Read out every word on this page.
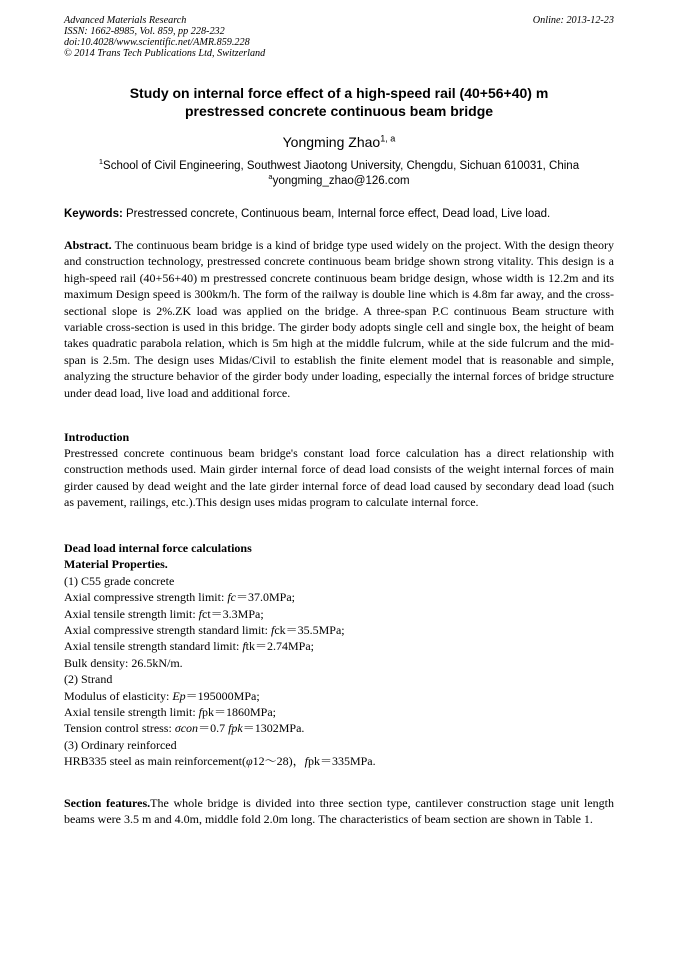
Advanced Materials Research
ISSN: 1662-8985, Vol. 859, pp 228-232
doi:10.4028/www.scientific.net/AMR.859.228
© 2014 Trans Tech Publications Ltd, Switzerland
Online: 2013-12-23
Study on internal force effect of a high-speed rail (40+56+40) m
prestressed concrete continuous beam bridge
Yongming Zhao$^{1, a}$
$^1$School of Civil Engineering, Southwest Jiaotong University, Chengdu, Sichuan 610031, China
$^a$yongming_zhao@126.com
Keywords: Prestressed concrete, Continuous beam, Internal force effect, Dead load, Live load.
Abstract. The continuous beam bridge is a kind of bridge type used widely on the project. With the design theory and construction technology, prestressed concrete continuous beam bridge shown strong vitality. This design is a high-speed rail (40+56+40) m prestressed concrete continuous beam bridge design, whose width is 12.2m and its maximum Design speed is 300km/h. The form of the railway is double line which is 4.8m far away, and the cross-sectional slope is 2%.ZK load was applied on the bridge. A three-span P.C continuous Beam structure with variable cross-section is used in this bridge. The girder body adopts single cell and single box, the height of beam takes quadratic parabola relation, which is 5m high at the middle fulcrum, while at the side fulcrum and the mid-span is 2.5m. The design uses Midas/Civil to establish the finite element model that is reasonable and simple, analyzing the structure behavior of the girder body under loading, especially the internal forces of bridge structure under dead load, live load and additional force.
Introduction
Prestressed concrete continuous beam bridge's constant load force calculation has a direct relationship with construction methods used. Main girder internal force of dead load consists of the weight internal forces of main girder caused by dead weight and the late girder internal force of dead load caused by secondary dead load (such as pavement, railings, etc.).This design uses midas program to calculate internal force.
Dead load internal force calculations
Material Properties.
(1) C55 grade concrete
Axial compressive strength limit: fc＝37.0MPa;
Axial tensile strength limit: fct＝3.3MPa;
Axial compressive strength standard limit: fck＝35.5MPa;
Axial tensile strength standard limit: ftk＝2.74MPa;
Bulk density: 26.5kN/m.
(2) Strand
Modulus of elasticity: Ep＝195000MPa;
Axial tensile strength limit: fpk＝1860MPa;
Tension control stress: σcon＝0.7 fpk＝1302MPa.
(3) Ordinary reinforced
HRB335 steel as main reinforcement(φ12～28)，fpk＝335MPa.
Section features.The whole bridge is divided into three section type, cantilever construction stage unit length beams were 3.5 m and 4.0m, middle fold 2.0m long. The characteristics of beam section are shown in Table 1.
